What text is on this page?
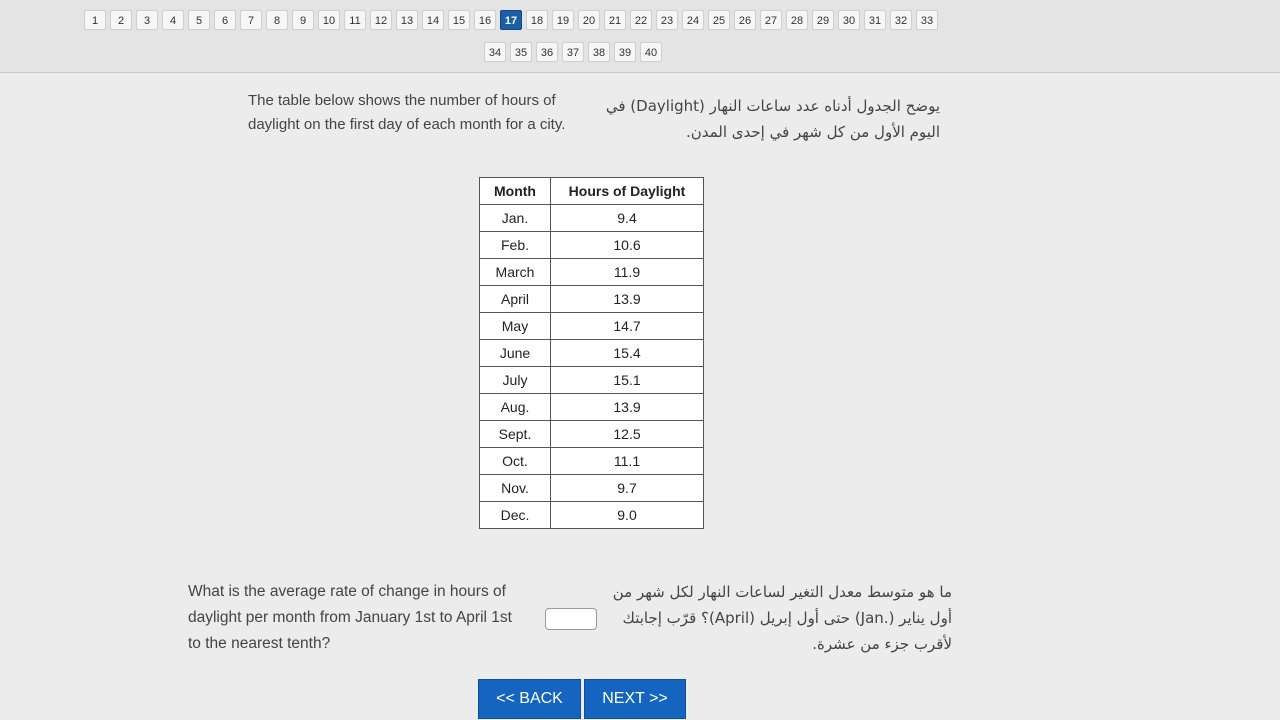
1	2	3	4	5	6	7	8	9	10	11	12	13	14	15	16	17	18	19	20	21	22	23	24	25	26	27	28	29	30	31	32	33
34	35	36	37	38	39	40
The table below shows the number of hours of daylight on the first day of each month for a city.
يوضح الجدول أدناه عدد ساعات النهار (Daylight) في اليوم الأول من كل شهر في إحدى المدن.
Month	Hours of Daylight
Jan.	9.4
Feb.	10.6
March	11.9
April	13.9
May	14.7
June	15.4
July	15.1
Aug.	13.9
Sept.	12.5
Oct.	11.1
Nov.	9.7
Dec.	9.0
What is the average rate of change in hours of daylight per month from January 1st to April 1st to the nearest tenth?
ما هو متوسط معدل التغير لساعات النهار لكل شهر من أول يناير (.Jan) حتى أول إبريل (April)؟ قرّب إجابتك لأقرب جزء من عشرة.
<< BACK	NEXT >>
